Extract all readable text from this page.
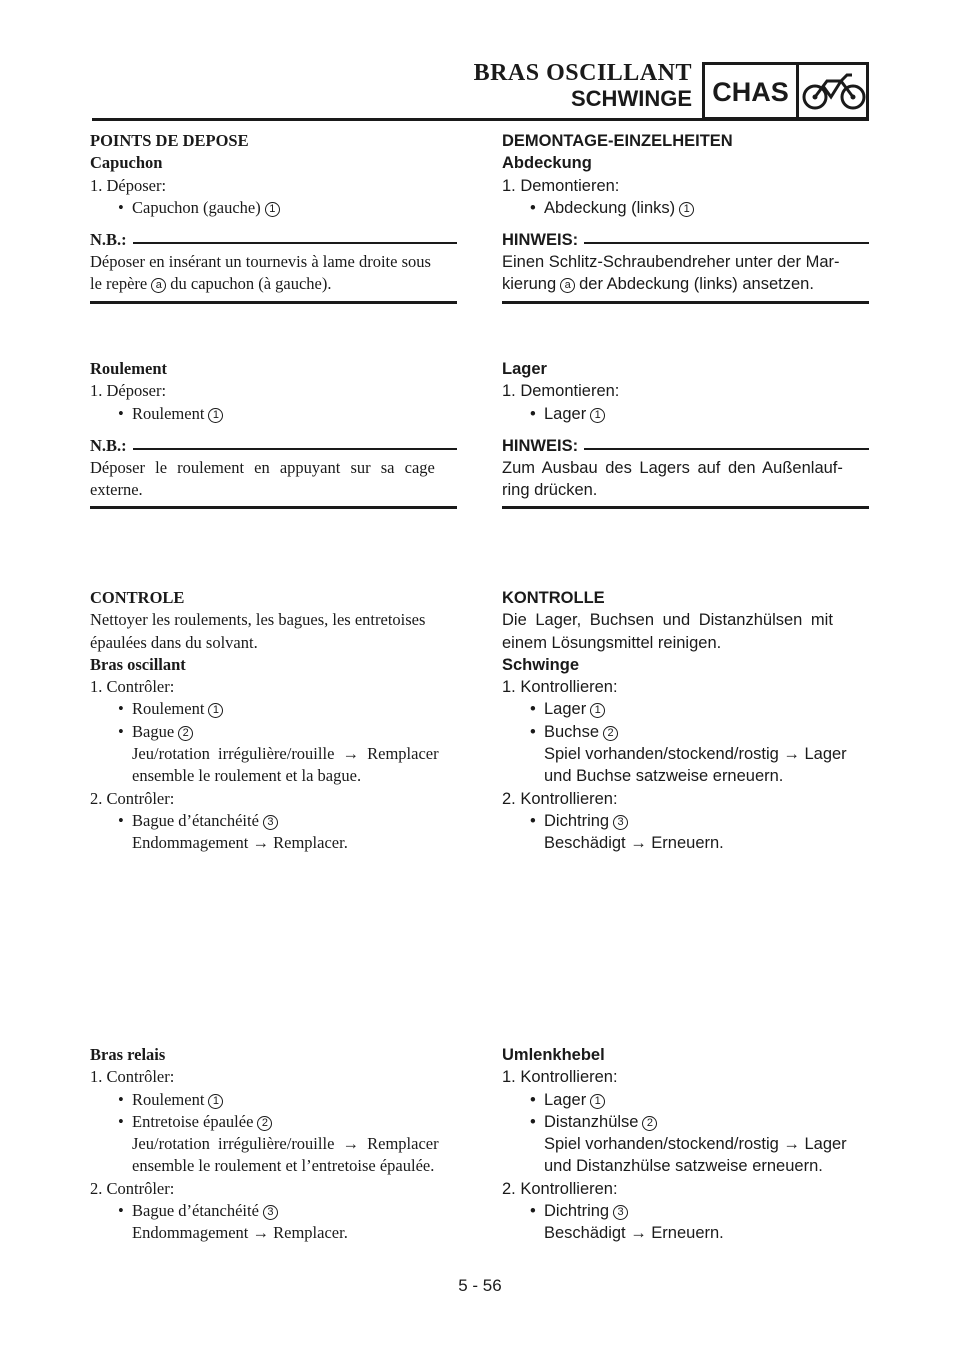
BRAS OSCILLANT
SCHWINGE CHAS
POINTS DE DEPOSE
Capuchon
1. Déposer:
• Capuchon (gauche) 1
N.B.:
Déposer en insérant un tournevis à lame droite sous
le repère a du capuchon (à gauche).
Roulement
1. Déposer:
• Roulement 1
N.B.:
Déposer le roulement en appuyant sur sa cage
externe.
CONTROLE
Nettoyer les roulements, les bagues, les entretoises
épaulées dans du solvant.
Bras oscillant
1. Contrôler:
• Roulement 1
• Bague 2
Jeu/rotation irrégulière/rouille → Remplacer
ensemble le roulement et la bague.
2. Contrôler:
• Bague d’étanchéité 3
Endommagement → Remplacer.
Bras relais
1. Contrôler:
• Roulement 1
• Entretoise épaulée 2
Jeu/rotation irrégulière/rouille → Remplacer
ensemble le roulement et l’entretoise épaulée.
2. Contrôler:
• Bague d’étanchéité 3
Endommagement → Remplacer.
DEMONTAGE-EINZELHEITEN
Abdeckung
1. Demontieren:
• Abdeckung (links) 1
HINWEIS:
Einen Schlitz-Schraubendreher unter der Mar-
kierung a der Abdeckung (links) ansetzen.
Lager
1. Demontieren:
• Lager 1
HINWEIS:
Zum Ausbau des Lagers auf den Außenlauf-
ring drücken.
KONTROLLE
Die Lager, Buchsen und Distanzhülsen mit
einem Lösungsmittel reinigen.
Schwinge
1. Kontrollieren:
• Lager 1
• Buchse 2
Spiel vorhanden/stockend/rostig → Lager
und Buchse satzweise erneuern.
2. Kontrollieren:
• Dichtring 3
Beschädigt → Erneuern.
Umlenkhebel
1. Kontrollieren:
• Lager 1
• Distanzhülse 2
Spiel vorhanden/stockend/rostig → Lager
und Distanzhülse satzweise erneuern.
2. Kontrollieren:
• Dichtring 3
Beschädigt → Erneuern.
5 - 56
